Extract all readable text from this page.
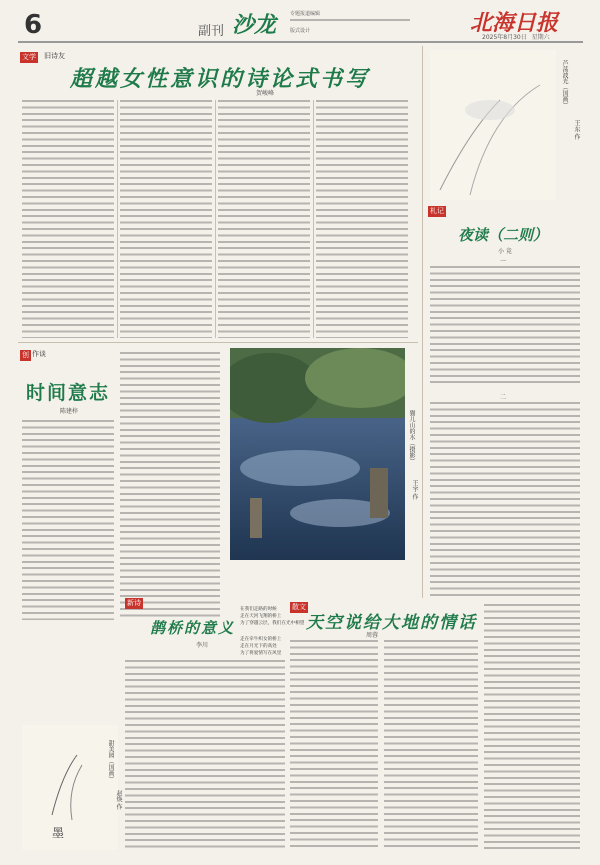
6	副刊 沙龙	专题报道编辑
版式设计	北海日报
2025年8月30日 星期六
文学 旧诗友
超越女性意识的诗论式书写
贺峻峰
创 作谈
时间意志
陈建梓	猫儿山的水（摄影）
王宇 作
新诗
鹊桥的意义
李川
在我们走路的时候
走在天河飞翔的桥上
为了穿越云层，我们在光中相望
走在牵牛织女的桥上
走在月光下的高处
为了将爱情写在风里
墨
散文
天空说给大地的情话
周蓉
芦荡波光（国画）
王东 作
札记
夜读（二则）
小 竞
一
二
甜美园（国画）
赵焕 作
